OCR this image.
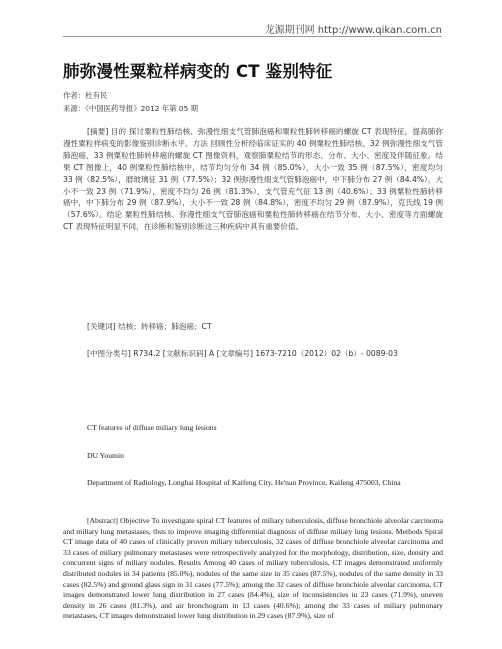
龙源期刊网 http://www.qikan.com.cn
肺弥漫性粟粒样病变的 CT 鉴别特征
作者：杜有民
来源：《中国医药导报》2012 年第 05 期
[摘要] 目的 探讨粟粒性肺结核、弥漫性细支气管肺泡癌和粟粒性肺转移癌的螺旋 CT 表现特征，提高肺弥漫性粟粒样病变的影像鉴别诊断水平。方法 回顾性分析经临床证实的 40 例粟粒性肺结核、32 例弥漫性细支气管肺泡癌、33 例粟粒性肺转移癌的螺旋 CT 图像资料，观察肺粟粒结节的形态、分布、大小、密度及伴随征象。结果 CT 图像上，40 例粟粒性肺结核中，结节均匀分布 34 例（85.0%），大小一致 35 例（87.5%），密度均匀 33 例（82.5%），磨玻璃征 31 例（77.5%）；32 例弥漫性细支气管肺泡癌中，中下肺分布 27 例（84.4%），大小不一致 23 例（71.9%），密度不均匀 26 例（81.3%），支气管充气征 13 例（40.6%）；33 例粟粒性肺转移癌中，中下肺分布 29 例（87.9%），大小不一致 28 例（84.8%），密度不均匀 29 例（87.9%），克氏线 19 例（57.6%）。结论 粟粒性肺结核、弥漫性细支气管肺泡癌和粟粒性肺转移癌在结节分布、大小、密度等方面螺旋 CT 表现特征明显不同，在诊断和鉴别诊断这三种疾病中具有重要价值。
[关键词] 结核；转移癌；肺泡癌；CT
[中图分类号] R734.2 [文献标识码] A [文章编号] 1673-7210（2012）02（b）- 0089-03
CT features of diffuse miliary lung lesions
DU Youmin
Department of Radiology, Longhai Hospital of Kaifeng City, He'nan Province, Kaifeng 475003, China
[Abstract] Objective To investigate spiral CT features of miliary tuberculosis, diffuse bronchiole alveolar carcinoma and miliary lung metastases, thus to improve imaging differential diagnosis of diffuse miliary lung lesions. Methods Spiral CT image data of 40 cases of clinically proven miliary tuberculosis, 32 cases of diffuse bronchiole alveolar carcinoma and 33 cases of miliary pulmonary metastases were retrospectively analyzed for the morphology, distribution, size, density and concurrent signs of miliary nodules. Results Among 40 cases of miliary tuberculosis, CT images demonstrated uniformly distributed nodules in 34 patients (85.0%), nodules of the same size in 35 cases (87.5%), nodules of the same density in 33 cases (82.5%) and ground glass sign in 31 cases (77.5%); among the 32 cases of diffuse bronchiole alveolar carcinoma, CT images demonstrated lower lung distribution in 27 cases (84.4%), size of inconsistencies in 23 cases (71.9%), uneven density in 26 cases (81.3%), and air bronchogram in 13 cases (40.6%); among the 33 cases of miliary pulmonary metastases, CT images demonstrated lower lung distribution in 29 cases (87.9%), size of
